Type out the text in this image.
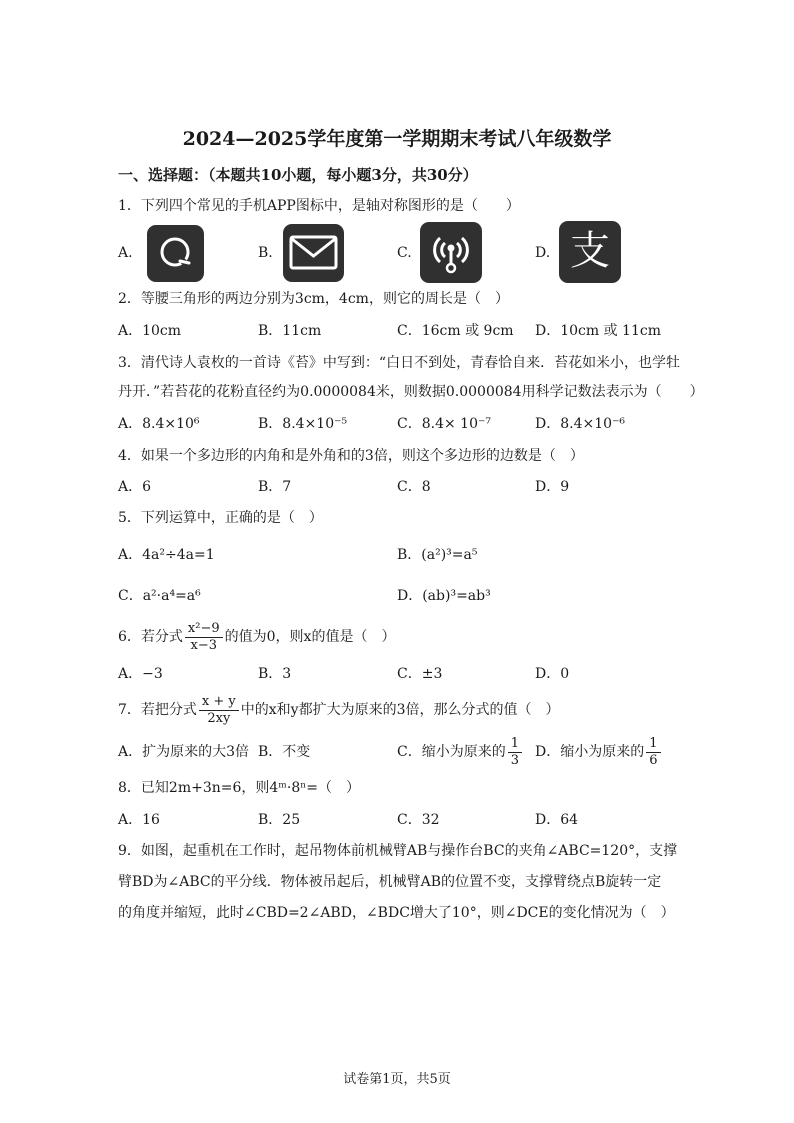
2024—2025学年度第一学期期末考试八年级数学
一、选择题：（本题共10小题，每小题3分，共30分）
1．下列四个常见的手机APP图标中，是轴对称图形的是（　　）
A.	B.	C.	D. 支
2．等腰三角形的两边分别为3cm，4cm，则它的周长是（　）
A．10cm	B．11cm	C．16cm 或 9cm D．10cm 或 11cm
3．清代诗人袁枚的一首诗《苔》中写到：“白日不到处，青春恰自来．苔花如米小，也学牡
丹开．”若苔花的花粉直径约为0.0000084米，则数据0.0000084用科学记数法表示为（　　）
A．8.4×10⁶	B．8.4×10⁻⁵	C．8.4× 10⁻⁷	D．8.4×10⁻⁶
4．如果一个多边形的内角和是外角和的3倍，则这个多边形的边数是（　）
A．6	B．7	C．8	D．9
5．下列运算中，正确的是（　）
A．4a²÷4a=1	B．(a²)³=a⁵
C．a²·a⁴=a⁶	D．(ab)³=ab³
6．若分式 $\frac{\text{x²−9}}{x-3}$ 的值为0，则x的值是（　）
A．−3	B．3	C．±3	D．0
7．若把分式 $\frac{x + y}{2xy}$ 中的x和y都扩大为原来的3倍，那么分式的值（　）
A．扩为原来的大3倍 B．不变	C．缩小为原来的 $\frac{1}{3}$ D．缩小为原来的 $\frac{1}{6}$
8．已知2m+3n=6，则4ᵐ·8ⁿ=（　）
A．16	B．25	C．32	D．64
9．如图，起重机在工作时，起吊物体前机械臂AB与操作台BC的夹角∠ABC=120°，支撑
臂BD为∠ABC的平分线．物体被吊起后，机械臂AB的位置不变，支撑臂绕点B旋转一定
的角度并缩短，此时∠CBD=2∠ABD，∠BDC增大了10°，则∠DCE的变化情况为（　）
试卷第1页，共5页
